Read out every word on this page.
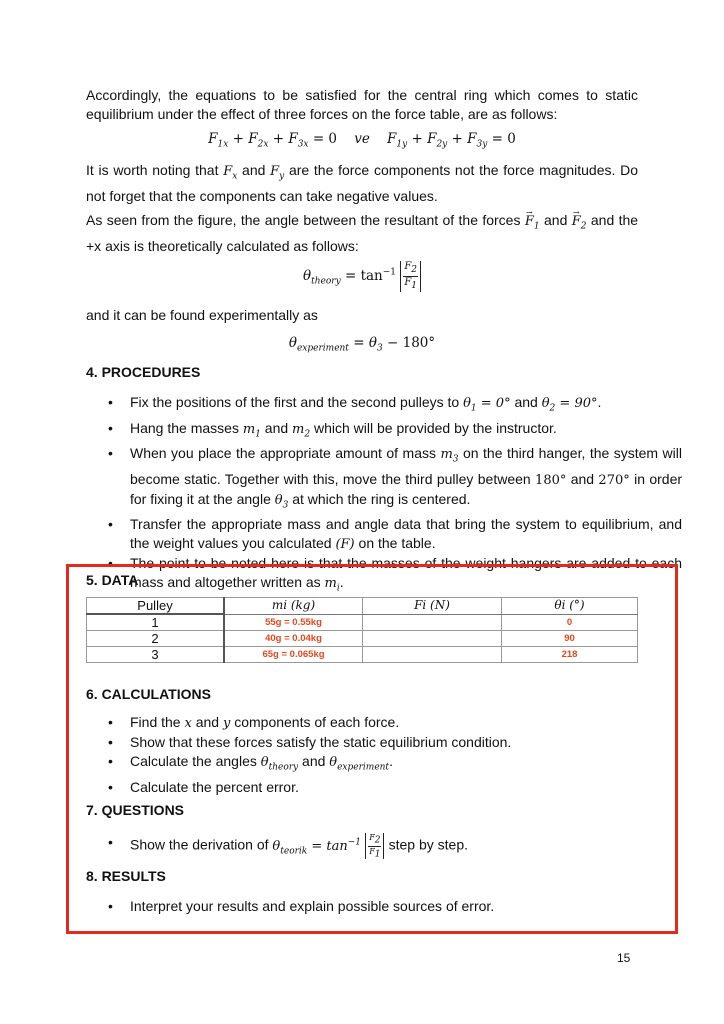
Accordingly, the equations to be satisfied for the central ring which comes to static equilibrium under the effect of three forces on the force table, are as follows:

$F_{1x} + F_{2x} + F_{3x} = 0$ ve $F_{1y} + F_{2y} + F_{3y} = 0$

It is worth noting that $F_x$ and $F_y$ are the force components not the force magnitudes. Do not forget that the components can take negative values.

As seen from the figure, the angle between the resultant of the forces → $F_1$ and → $F_2$ and the +x axis is theoretically calculated as follows:

$\theta_{theory} = \tan^{-1} \frac{F_2}{F_1}$

and it can be found experimentally as

$\theta_{experiment} = \theta_3 - 180^\circ$

4. PROCEDURES

• Fix the positions of the first and the second pulleys to $\theta_1 = 0^\circ$ and $\theta_2 = 90^\circ$.
• Hang the masses $m_1$ and $m_2$ which will be provided by the instructor.
• When you place the appropriate amount of mass $m_3$ on the third hanger, the system will become static. Together with this, move the third pulley between 180° and 270° in order for fixing it at the angle $\theta_3$ at which the ring is centered.
• Transfer the appropriate mass and angle data that bring the system to equilibrium, and the weight values you calculated (F) on the table.
• The point to be noted here is that the masses of the weight hangers are added to each mass and altogether written as $m_i$.

5. DATA

Pulley	mi (kg)	Fi (N)	θi (°)
1	55g = 0.55kg		0
2	40g = 0.04kg		90
3	65g = 0.065kg		218

6. CALCULATIONS

• Find the x and y components of each force.
• Show that these forces satisfy the static equilibrium condition.
• Calculate the angles $\theta_{theory}$ and $\theta_{experiment}$.
• Calculate the percent error.

7. QUESTIONS

• Show the derivation of $\theta_{teorik} = \tan^{-1} \frac{F_2}{F_1}$ step by step.

8. RESULTS

• Interpret your results and explain possible sources of error.
15
